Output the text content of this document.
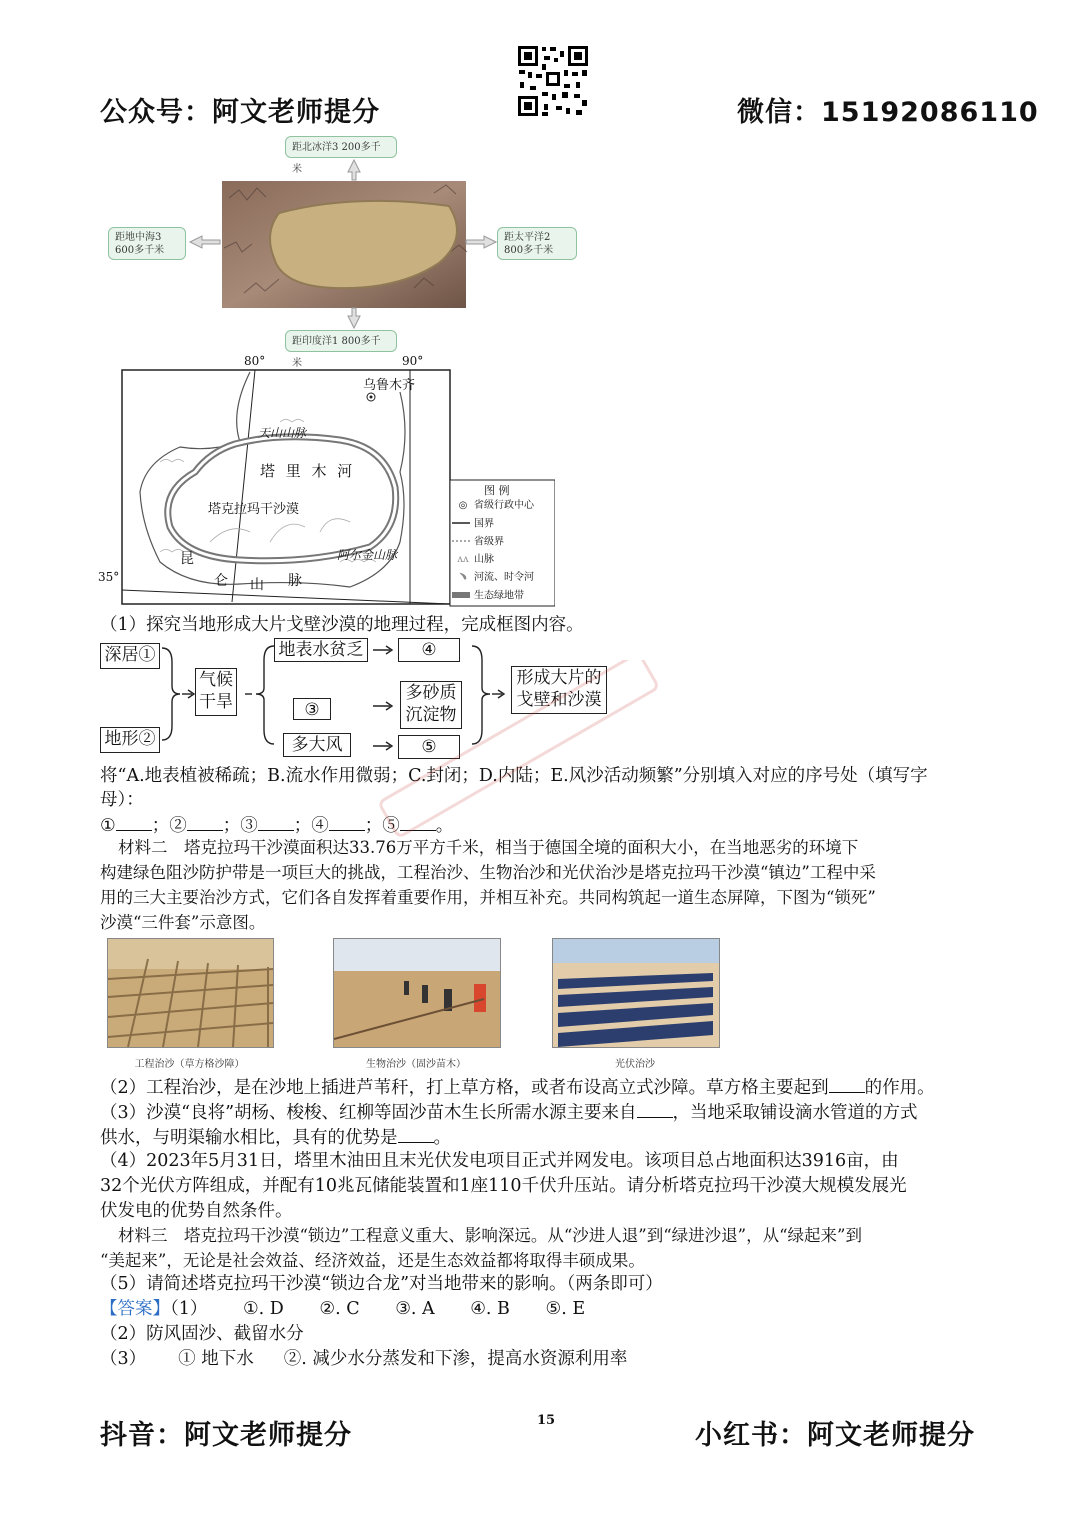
公众号：阿文老师提分	微信：15192086110
距北冰洋3 200多千米
距地中海3 600多千米
距太平洋2 800多千米
距印度洋1 800多千米
80°	90°
35°
乌鲁木齐
天山山脉
塔 里 木 河
塔克拉玛干沙漠
阿尔金山脉
昆
仑 山 脉
图 例
◎ 省级行政中心
国界
省级界
ᴧᴧ 山脉
﹅ 河流、时令河
生态绿地带
（1）探究当地形成大片戈壁沙漠的地理过程，完成框图内容。
深居①
地形②
气候
干旱
地表水贫乏	④
③
多砂质
沉淀物
多大风	⑤
形成大片的
戈壁和沙漠
将“A.地表植被稀疏；B.流水作用微弱；C.封闭；D.内陆；E.风沙活动频繁”分别填入对应的序号处（填写字
母）：
① ；② ；③ ；④ ；⑤ 。
材料二　塔克拉玛干沙漠面积达33.76万平方千米，相当于德国全境的面积大小，在当地恶劣的环境下
构建绿色阻沙防护带是一项巨大的挑战，工程治沙、生物治沙和光伏治沙是塔克拉玛干沙漠“镇边”工程中采
用的三大主要治沙方式，它们各自发挥着重要作用，并相互补充。共同构筑起一道生态屏障，下图为“锁死”
沙漠“三件套”示意图。
工程治沙（草方格沙障）	生物治沙（固沙苗木）	光伏治沙
（2）工程治沙，是在沙地上插进芦苇秆，打上草方格，或者布设高立式沙障。草方格主要起到 的作用。
（3）沙漠“良将”胡杨、梭梭、红柳等固沙苗木生长所需水源主要来自 ，当地采取铺设滴水管道的方式
供水，与明渠输水相比，具有的优势是 。
（4）2023年5月31日，塔里木油田且末光伏发电项目正式并网发电。该项目总占地面积达3916亩，由
32个光伏方阵组成，并配有10兆瓦储能装置和1座110千伏升压站。请分析塔克拉玛干沙漠大规模发展光
伏发电的优势自然条件。
材料三　塔克拉玛干沙漠“锁边”工程意义重大、影响深远。从“沙进人退”到“绿进沙退”，从“绿起来”到
“美起来”，无论是社会效益、经济效益，还是生态效益都将取得丰硕成果。
（5）请简述塔克拉玛干沙漠“锁边合龙”对当地带来的影响。（两条即可）
【答案】（1） ①. D ②. C ③. A ④. B ⑤. E
（2）防风固沙、截留水分
（3） ① 地下水 ②. 减少水分蒸发和下渗，提高水资源利用率
抖音：阿文老师提分	15	小红书：阿文老师提分
